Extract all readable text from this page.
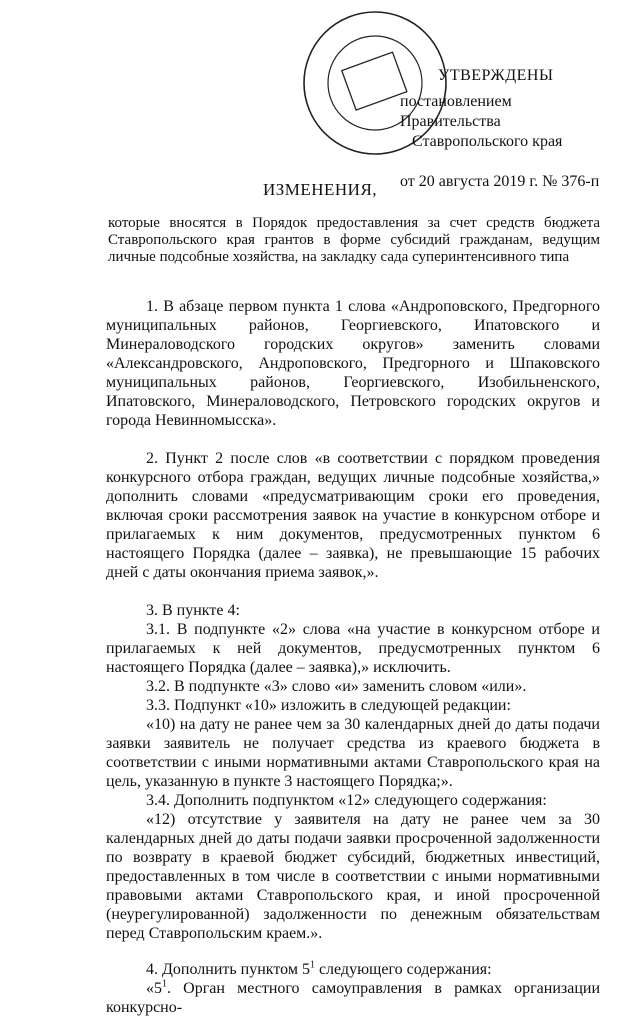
УТВЕРЖДЕНЫ
постановлением Правительства
Ставропольского края
от 20 августа 2019 г. № 376-п
ИЗМЕНЕНИЯ,
которые вносятся в Порядок предоставления за счет средств бюджета Ставропольского края грантов в форме субсидий гражданам, ведущим личные подсобные хозяйства, на закладку сада суперинтенсивного типа

1. В абзаце первом пункта 1 слова «Андроповского, Предгорного муниципальных районов, Георгиевского, Ипатовского и Минераловодского городских округов» заменить словами «Александровского, Андроповского, Предгорного и Шпаковского муниципальных районов, Георгиевского, Изобильненского, Ипатовского, Минераловодского, Петровского городских округов и города Невинномысска».

2. Пункт 2 после слов «в соответствии с порядком проведения конкурсного отбора граждан, ведущих личные подсобные хозяйства,» дополнить словами «предусматривающим сроки его проведения, включая сроки рассмотрения заявок на участие в конкурсном отборе и прилагаемых к ним документов, предусмотренных пунктом 6 настоящего Порядка (далее – заявка), не превышающие 15 рабочих дней с даты окончания приема заявок,».

3. В пункте 4:

3.1. В подпункте «2» слова «на участие в конкурсном отборе и прилагаемых к ней документов, предусмотренных пунктом 6 настоящего Порядка (далее – заявка),» исключить.

3.2. В подпункте «3» слово «и» заменить словом «или».

3.3. Подпункт «10» изложить в следующей редакции:

«10) на дату не ранее чем за 30 календарных дней до даты подачи заявки заявитель не получает средства из краевого бюджета в соответствии с иными нормативными актами Ставропольского края на цель, указанную в пункте 3 настоящего Порядка;».

3.4. Дополнить подпунктом «12» следующего содержания:

«12) отсутствие у заявителя на дату не ранее чем за 30 календарных дней до даты подачи заявки просроченной задолженности по возврату в краевой бюджет субсидий, бюджетных инвестиций, предоставленных в том числе в соответствии с иными нормативными правовыми актами Ставропольского края, и иной просроченной (неурегулированной) задолженности по денежным обязательствам перед Ставропольским краем.».

4. Дополнить пунктом $5^1$ следующего содержания:

«$5^1$. Орган местного самоуправления в рамках организации конкурсно-
